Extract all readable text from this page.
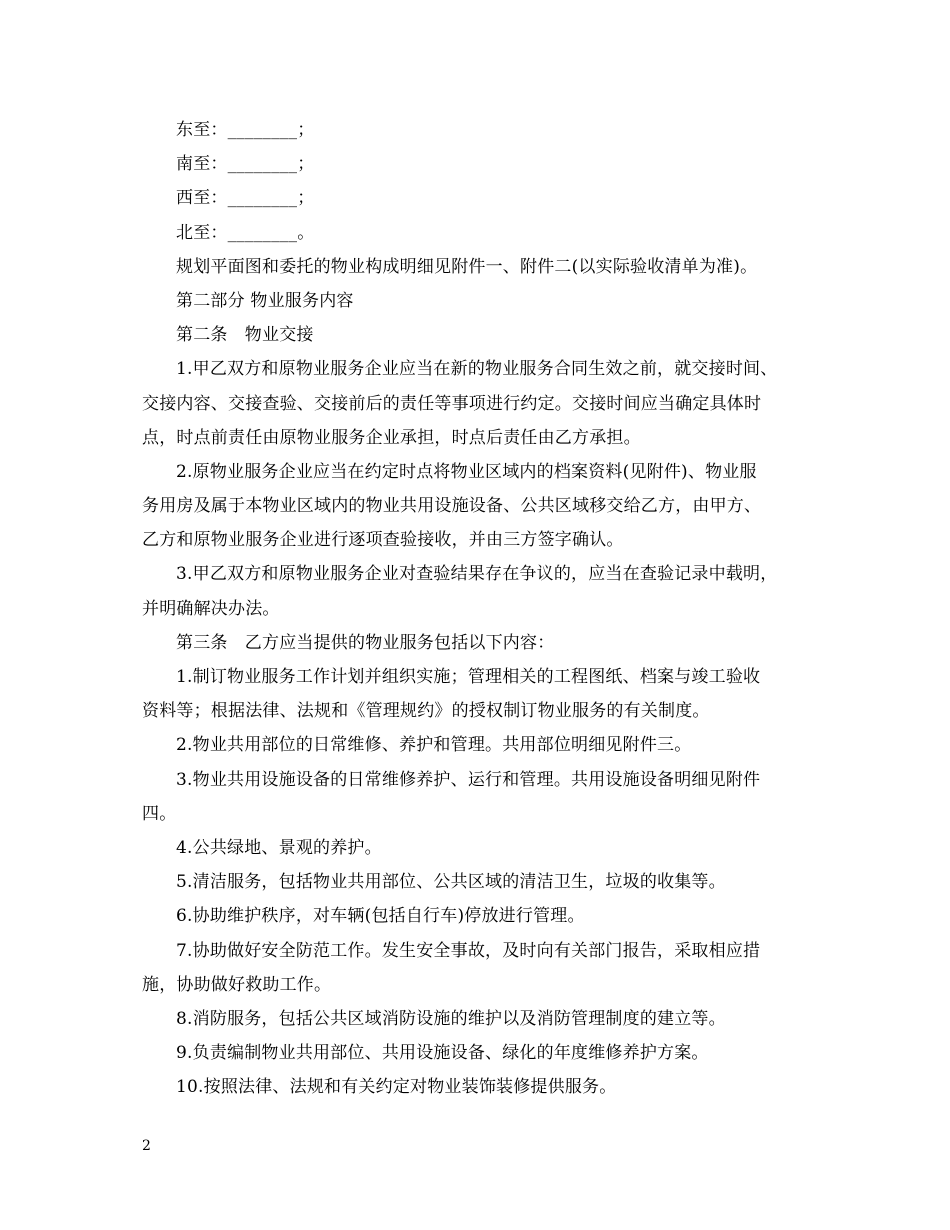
东至：________；
南至：________；
西至：________；
北至：________。
规划平面图和委托的物业构成明细见附件一、附件二(以实际验收清单为准)。
第二部分 物业服务内容
第二条　物业交接
1.甲乙双方和原物业服务企业应当在新的物业服务合同生效之前，就交接时间、
交接内容、交接查验、交接前后的责任等事项进行约定。交接时间应当确定具体时
点，时点前责任由原物业服务企业承担，时点后责任由乙方承担。
2.原物业服务企业应当在约定时点将物业区域内的档案资料(见附件)、物业服
务用房及属于本物业区域内的物业共用设施设备、公共区域移交给乙方，由甲方、
乙方和原物业服务企业进行逐项查验接收，并由三方签字确认。
3.甲乙双方和原物业服务企业对查验结果存在争议的，应当在查验记录中载明，
并明确解决办法。
第三条　乙方应当提供的物业服务包括以下内容：
1.制订物业服务工作计划并组织实施；管理相关的工程图纸、档案与竣工验收
资料等；根据法律、法规和《管理规约》的授权制订物业服务的有关制度。
2.物业共用部位的日常维修、养护和管理。共用部位明细见附件三。
3.物业共用设施设备的日常维修养护、运行和管理。共用设施设备明细见附件
四。
4.公共绿地、景观的养护。
5.清洁服务，包括物业共用部位、公共区域的清洁卫生，垃圾的收集等。
6.协助维护秩序，对车辆(包括自行车)停放进行管理。
7.协助做好安全防范工作。发生安全事故，及时向有关部门报告，采取相应措
施，协助做好救助工作。
8.消防服务，包括公共区域消防设施的维护以及消防管理制度的建立等。
9.负责编制物业共用部位、共用设施设备、绿化的年度维修养护方案。
10.按照法律、法规和有关约定对物业装饰装修提供服务。
2
